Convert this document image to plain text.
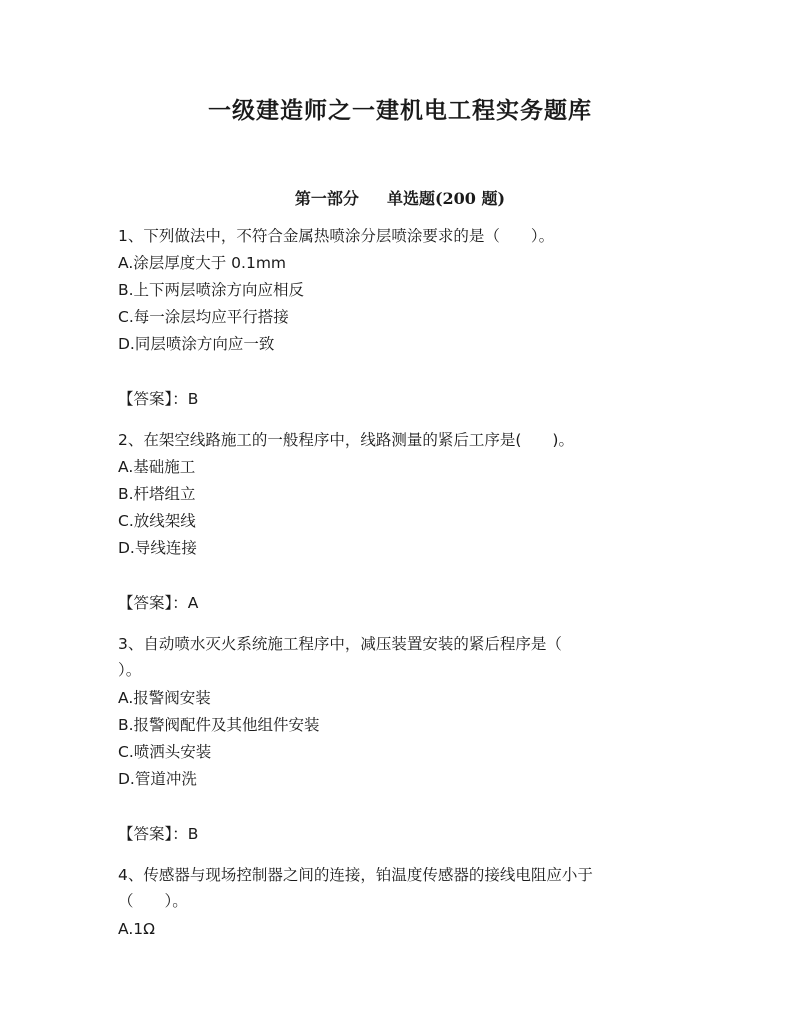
一级建造师之一建机电工程实务题库
第一部分 单选题(200 题)

1、下列做法中，不符合金属热喷涂分层喷涂要求的是（　　）。

A.涂层厚度大于 0.1mm

B.上下两层喷涂方向应相反

C.每一涂层均应平行搭接

D.同层喷涂方向应一致

【答案】：B

2、在架空线路施工的一般程序中，线路测量的紧后工序是(　　)。

A.基础施工

B.杆塔组立

C.放线架线

D.导线连接

【答案】：A

3、自动喷水灭火系统施工程序中，减压装置安装的紧后程序是（

）。

A.报警阀安装

B.报警阀配件及其他组件安装

C.喷洒头安装

D.管道冲洗

【答案】：B

4、传感器与现场控制器之间的连接，铂温度传感器的接线电阻应小于

（　　）。

A.1Ω
